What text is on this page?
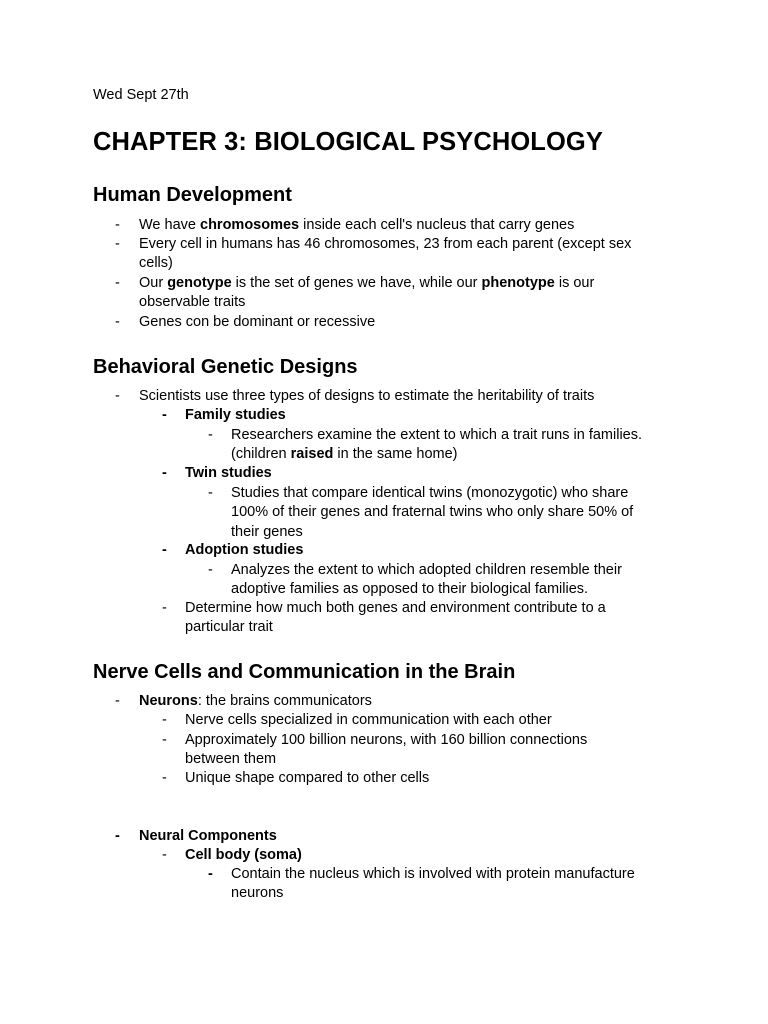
Wed Sept 27th
CHAPTER 3: BIOLOGICAL PSYCHOLOGY
Human Development
- We have chromosomes inside each cell's nucleus that carry genes
- Every cell in humans has 46 chromosomes, 23 from each parent (except sex
cells)
- Our genotype is the set of genes we have, while our phenotype is our
observable traits
- Genes con be dominant or recessive
Behavioral Genetic Designs
- Scientists use three types of designs to estimate the heritability of traits
- Family studies
- Researchers examine the extent to which a trait runs in families.
(children raised in the same home)
- Twin studies
- Studies that compare identical twins (monozygotic) who share
100% of their genes and fraternal twins who only share 50% of
their genes
- Adoption studies
- Analyzes the extent to which adopted children resemble their
adoptive families as opposed to their biological families.
- Determine how much both genes and environment contribute to a
particular trait
Nerve Cells and Communication in the Brain
- Neurons: the brains communicators
- Nerve cells specialized in communication with each other
- Approximately 100 billion neurons, with 160 billion connections
between them
- Unique shape compared to other cells
- Neural Components
- Cell body (soma)
- Contain the nucleus which is involved with protein manufacture
neurons
